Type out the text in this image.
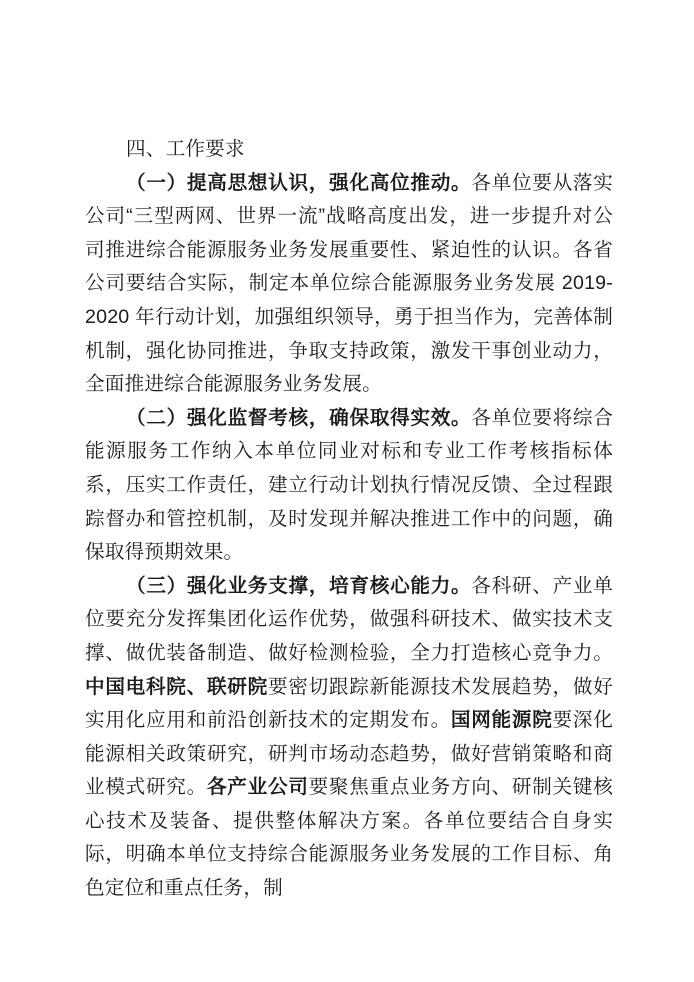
四、工作要求

（一）提高思想认识，强化高位推动。各单位要从落实公司“三型两网、世界一流”战略高度出发，进一步提升对公司推进综合能源服务业务发展重要性、紧迫性的认识。各省公司要结合实际，制定本单位综合能源服务业务发展 2019-2020 年行动计划，加强组织领导，勇于担当作为，完善体制机制，强化协同推进，争取支持政策，激发干事创业动力，全面推进综合能源服务业务发展。

（二）强化监督考核，确保取得实效。各单位要将综合能源服务工作纳入本单位同业对标和专业工作考核指标体系，压实工作责任，建立行动计划执行情况反馈、全过程跟踪督办和管控机制，及时发现并解决推进工作中的问题，确保取得预期效果。

（三）强化业务支撑，培育核心能力。各科研、产业单位要充分发挥集团化运作优势，做强科研技术、做实技术支撑、做优装备制造、做好检测检验，全力打造核心竞争力。中国电科院、联研院要密切跟踪新能源技术发展趋势，做好实用化应用和前沿创新技术的定期发布。国网能源院要深化能源相关政策研究，研判市场动态趋势，做好营销策略和商业模式研究。各产业公司要聚焦重点业务方向、研制关键核心技术及装备、提供整体解决方案。各单位要结合自身实际，明确本单位支持综合能源服务业务发展的工作目标、角色定位和重点任务，制
